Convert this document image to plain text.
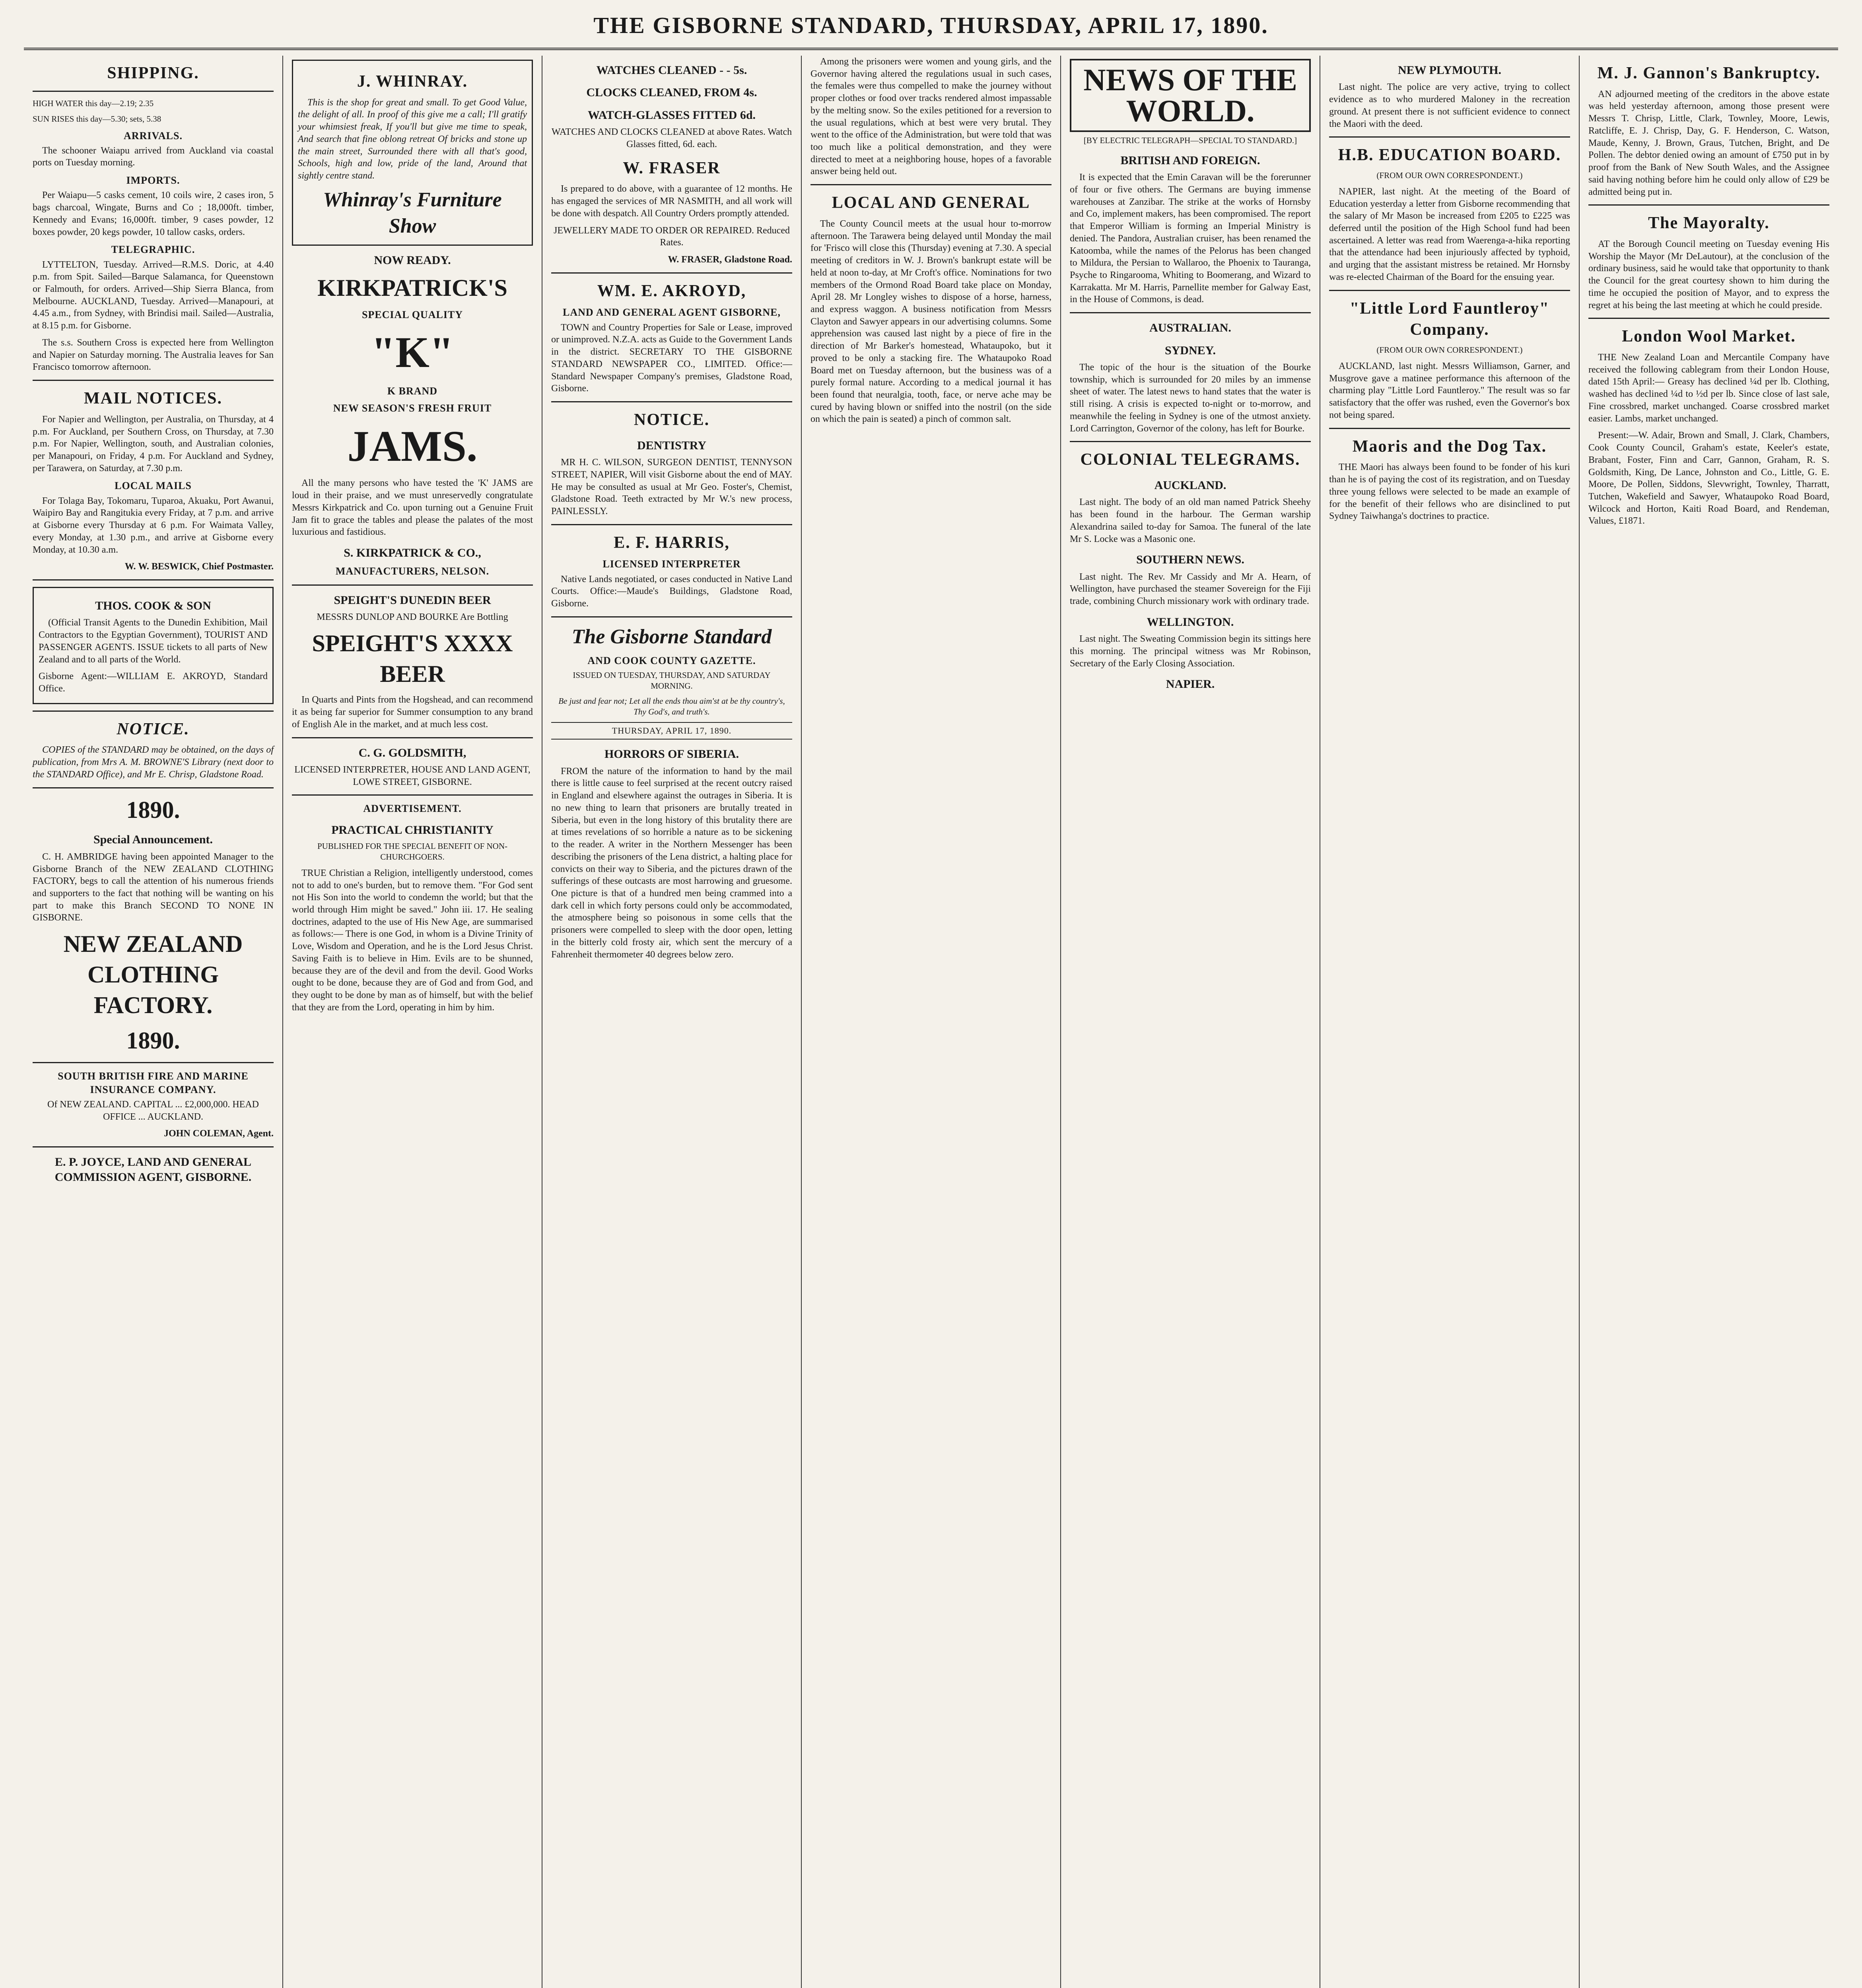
THE GISBORNE STANDARD, THURSDAY, APRIL 17, 1890.
SHIPPING.

HIGH WATER this day—2.19; 2.35

SUN RISES this day—5.30; sets, 5.38

ARRIVALS.

The schooner Waiapu arrived from Auckland via coastal ports on Tuesday morning.

IMPORTS.

Per Waiapu—5 casks cement, 10 coils wire, 2 cases iron, 5 bags charcoal, Wingate, Burns and Co ; 18,000ft. timber, Kennedy and Evans; 16,000ft. timber, 9 cases powder, 12 boxes powder, 20 kegs powder, 10 tallow casks, orders.

TELEGRAPHIC.

LYTTELTON, Tuesday. Arrived—R.M.S. Doric, at 4.40 p.m. from Spit. Sailed—Barque Salamanca, for Queenstown or Falmouth, for orders. Arrived—Ship Sierra Blanca, from Melbourne. AUCKLAND, Tuesday. Arrived—Manapouri, at 4.45 a.m., from Sydney, with Brindisi mail. Sailed—Australia, at 8.15 p.m. for Gisborne.

The s.s. Southern Cross is expected here from Wellington and Napier on Saturday morning. The Australia leaves for San Francisco tomorrow afternoon.

MAIL NOTICES.

For Napier and Wellington, per Australia, on Thursday, at 4 p.m. For Auckland, per Southern Cross, on Thursday, at 7.30 p.m. For Napier, Wellington, south, and Australian colonies, per Manapouri, on Friday, 4 p.m. For Auckland and Sydney, per Tarawera, on Saturday, at 7.30 p.m.

LOCAL MAILS

For Tolaga Bay, Tokomaru, Tuparoa, Akuaku, Port Awanui, Waipiro Bay and Rangitukia every Friday, at 7 p.m. and arrive at Gisborne every Thursday at 6 p.m. For Waimata Valley, every Monday, at 1.30 p.m., and arrive at Gisborne every Monday, at 10.30 a.m.

W. W. BESWICK, Chief Postmaster.

THOS. COOK & SON

(Official Transit Agents to the Dunedin Exhibition, Mail Contractors to the Egyptian Government), TOURIST AND PASSENGER AGENTS. ISSUE tickets to all parts of New Zealand and to all parts of the World.

Gisborne Agent:—WILLIAM E. AKROYD, Standard Office.

NOTICE.

COPIES of the STANDARD may be obtained, on the days of publication, from Mrs A. M. BROWNE'S Library (next door to the STANDARD Office), and Mr E. Chrisp, Gladstone Road.

1890.
Special Announcement.

C. H. AMBRIDGE having been appointed Manager to the Gisborne Branch of the NEW ZEALAND CLOTHING FACTORY, begs to call the attention of his numerous friends and supporters to the fact that nothing will be wanting on his part to make this Branch SECOND TO NONE IN GISBORNE.

NEW ZEALAND CLOTHING FACTORY.
1890.
SOUTH BRITISH FIRE AND MARINE INSURANCE COMPANY.

Of NEW ZEALAND. CAPITAL ... £2,000,000. HEAD OFFICE ... AUCKLAND.

JOHN COLEMAN, Agent.

E. P. JOYCE, LAND AND GENERAL COMMISSION AGENT, GISBORNE.
J. WHINRAY.

This is the shop for great and small. To get Good Value, the delight of all. In proof of this give me a call; I'll gratify your whimsiest freak, If you'll but give me time to speak, And search that fine oblong retreat Of bricks and stone up the main street, Surrounded there with all that's good, Schools, high and low, pride of the land, Around that sightly centre stand.

Whinray's Furniture Show
NOW READY.
KIRKPATRICK'S
SPECIAL QUALITY
"K"
K BRAND
NEW SEASON'S FRESH FRUIT
JAMS.

All the many persons who have tested the 'K' JAMS are loud in their praise, and we must unreservedly congratulate Messrs Kirkpatrick and Co. upon turning out a Genuine Fruit Jam fit to grace the tables and please the palates of the most luxurious and fastidious.

S. KIRKPATRICK & CO.,
MANUFACTURERS, NELSON.
SPEIGHT'S DUNEDIN BEER

MESSRS DUNLOP AND BOURKE Are Bottling

SPEIGHT'S XXXX BEER

In Quarts and Pints from the Hogshead, and can recommend it as being far superior for Summer consumption to any brand of English Ale in the market, and at much less cost.

C. G. GOLDSMITH,

LICENSED INTERPRETER, HOUSE AND LAND AGENT, LOWE STREET, GISBORNE.

ADVERTISEMENT.
PRACTICAL CHRISTIANITY

PUBLISHED FOR THE SPECIAL BENEFIT OF NON-CHURCHGOERS.

TRUE Christian a Religion, intelligently understood, comes not to add to one's burden, but to remove them. "For God sent not His Son into the world to condemn the world; but that the world through Him might be saved." John iii. 17. He sealing doctrines, adapted to the use of His New Age, are summarised as follows:— There is one God, in whom is a Divine Trinity of Love, Wisdom and Operation, and he is the Lord Jesus Christ. Saving Faith is to believe in Him. Evils are to be shunned, because they are of the devil and from the devil. Good Works ought to be done, because they are of God and from God, and they ought to be done by man as of himself, but with the belief that they are from the Lord, operating in him by him.

WATCHES CLEANED - - 5s.
CLOCKS CLEANED, FROM 4s.
WATCH-GLASSES FITTED 6d.

WATCHES AND CLOCKS CLEANED at above Rates. Watch Glasses fitted, 6d. each.

W. FRASER

Is prepared to do above, with a guarantee of 12 months. He has engaged the services of MR NASMITH, and all work will be done with despatch. All Country Orders promptly attended.

JEWELLERY MADE TO ORDER OR REPAIRED. Reduced Rates.

W. FRASER, Gladstone Road.

WM. E. AKROYD,
LAND AND GENERAL AGENT GISBORNE,

TOWN and Country Properties for Sale or Lease, improved or unimproved. N.Z.A. acts as Guide to the Government Lands in the district. SECRETARY TO THE GISBORNE STANDARD NEWSPAPER CO., LIMITED. Office:—Standard Newspaper Company's premises, Gladstone Road, Gisborne.

NOTICE.
DENTISTRY

MR H. C. WILSON, SURGEON DENTIST, TENNYSON STREET, NAPIER, Will visit Gisborne about the end of MAY. He may be consulted as usual at Mr Geo. Foster's, Chemist, Gladstone Road. Teeth extracted by Mr W.'s new process, PAINLESSLY.

E. F. HARRIS,
LICENSED INTERPRETER

Native Lands negotiated, or cases conducted in Native Land Courts. Office:—Maude's Buildings, Gladstone Road, Gisborne.

The Gisborne Standard
AND COOK COUNTY GAZETTE.

ISSUED ON TUESDAY, THURSDAY, AND SATURDAY MORNING.

Be just and fear not; Let all the ends thou aim'st at be thy country's, Thy God's, and truth's.

THURSDAY, APRIL 17, 1890.
HORRORS OF SIBERIA.

FROM the nature of the information to hand by the mail there is little cause to feel surprised at the recent outcry raised in England and elsewhere against the outrages in Siberia. It is no new thing to learn that prisoners are brutally treated in Siberia, but even in the long history of this brutality there are at times revelations of so horrible a nature as to be sickening to the reader. A writer in the Northern Messenger has been describing the prisoners of the Lena district, a halting place for convicts on their way to Siberia, and the pictures drawn of the sufferings of these outcasts are most harrowing and gruesome. One picture is that of a hundred men being crammed into a dark cell in which forty persons could only be accommodated, the atmosphere being so poisonous in some cells that the prisoners were compelled to sleep with the door open, letting in the bitterly cold frosty air, which sent the mercury of a Fahrenheit thermometer 40 degrees below zero.

Among the prisoners were women and young girls, and the Governor having altered the regulations usual in such cases, the females were thus compelled to make the journey without proper clothes or food over tracks rendered almost impassable by the melting snow. So the exiles petitioned for a reversion to the usual regulations, which at best were very brutal. They went to the office of the Administration, but were told that was too much like a political demonstration, and they were directed to meet at a neighboring house, hopes of a favorable answer being held out.

LOCAL AND GENERAL

The County Council meets at the usual hour to-morrow afternoon. The Tarawera being delayed until Monday the mail for 'Frisco will close this (Thursday) evening at 7.30. A special meeting of creditors in W. J. Brown's bankrupt estate will be held at noon to-day, at Mr Croft's office. Nominations for two members of the Ormond Road Board take place on Monday, April 28. Mr Longley wishes to dispose of a horse, harness, and express waggon. A business notification from Messrs Clayton and Sawyer appears in our advertising columns. Some apprehension was caused last night by a piece of fire in the direction of Mr Barker's homestead, Whataupoko, but it proved to be only a stacking fire. The Whataupoko Road Board met on Tuesday afternoon, but the business was of a purely formal nature. According to a medical journal it has been found that neuralgia, tooth, face, or nerve ache may be cured by having blown or sniffed into the nostril (on the side on which the pain is seated) a pinch of common salt.

NEWS OF THE WORLD.

[BY ELECTRIC TELEGRAPH—SPECIAL TO STANDARD.]

BRITISH AND FOREIGN.

It is expected that the Emin Caravan will be the forerunner of four or five others. The Germans are buying immense warehouses at Zanzibar. The strike at the works of Hornsby and Co, implement makers, has been compromised. The report that Emperor William is forming an Imperial Ministry is denied. The Pandora, Australian cruiser, has been renamed the Katoomba, while the names of the Pelorus has been changed to Mildura, the Persian to Wallaroo, the Phoenix to Tauranga, Psyche to Ringarooma, Whiting to Boomerang, and Wizard to Karrakatta. Mr M. Harris, Parnellite member for Galway East, in the House of Commons, is dead.

AUSTRALIAN.
SYDNEY.

The topic of the hour is the situation of the Bourke township, which is surrounded for 20 miles by an immense sheet of water. The latest news to hand states that the water is still rising. A crisis is expected to-night or to-morrow, and meanwhile the feeling in Sydney is one of the utmost anxiety. Lord Carrington, Governor of the colony, has left for Bourke.

COLONIAL TELEGRAMS.
AUCKLAND.

Last night. The body of an old man named Patrick Sheehy has been found in the harbour. The German warship Alexandrina sailed to-day for Samoa. The funeral of the late Mr S. Locke was a Masonic one.

SOUTHERN NEWS.

Last night. The Rev. Mr Cassidy and Mr A. Hearn, of Wellington, have purchased the steamer Sovereign for the Fiji trade, combining Church missionary work with ordinary trade.

WELLINGTON.

Last night. The Sweating Commission begin its sittings here this morning. The principal witness was Mr Robinson, Secretary of the Early Closing Association.

NAPIER.
NEW PLYMOUTH.

Last night. The police are very active, trying to collect evidence as to who murdered Maloney in the recreation ground. At present there is not sufficient evidence to connect the Maori with the deed.

H.B. EDUCATION BOARD.

(FROM OUR OWN CORRESPONDENT.)

NAPIER, last night. At the meeting of the Board of Education yesterday a letter from Gisborne recommending that the salary of Mr Mason be increased from £205 to £225 was deferred until the position of the High School fund had been ascertained. A letter was read from Waerenga-a-hika reporting that the attendance had been injuriously affected by typhoid, and urging that the assistant mistress be retained. Mr Hornsby was re-elected Chairman of the Board for the ensuing year.

"Little Lord Fauntleroy" Company.

(FROM OUR OWN CORRESPONDENT.)

AUCKLAND, last night. Messrs Williamson, Garner, and Musgrove gave a matinee performance this afternoon of the charming play "Little Lord Fauntleroy." The result was so far satisfactory that the offer was rushed, even the Governor's box not being spared.

Maoris and the Dog Tax.

THE Maori has always been found to be fonder of his kuri than he is of paying the cost of its registration, and on Tuesday three young fellows were selected to be made an example of for the benefit of their fellows who are disinclined to put Sydney Taiwhanga's doctrines to practice.

M. J. Gannon's Bankruptcy.

AN adjourned meeting of the creditors in the above estate was held yesterday afternoon, among those present were Messrs T. Chrisp, Little, Clark, Townley, Moore, Lewis, Ratcliffe, E. J. Chrisp, Day, G. F. Henderson, C. Watson, Maude, Kenny, J. Brown, Graus, Tutchen, Bright, and De Pollen. The debtor denied owing an amount of £750 put in by proof from the Bank of New South Wales, and the Assignee said having nothing before him he could only allow of £29 be admitted being put in.

The Mayoralty.

AT the Borough Council meeting on Tuesday evening His Worship the Mayor (Mr DeLautour), at the conclusion of the ordinary business, said he would take that opportunity to thank the Council for the great courtesy shown to him during the time he occupied the position of Mayor, and to express the regret at his being the last meeting at which he could preside.

London Wool Market.

THE New Zealand Loan and Mercantile Company have received the following cablegram from their London House, dated 15th April:— Greasy has declined ¼d per lb. Clothing, washed has declined ¼d to ½d per lb. Since close of last sale, Fine crossbred, market unchanged. Coarse crossbred market easier. Lambs, market unchanged.

Present:—W. Adair, Brown and Small, J. Clark, Chambers, Cook County Council, Graham's estate, Keeler's estate, Brabant, Foster, Finn and Carr, Gannon, Graham, R. S. Goldsmith, King, De Lance, Johnston and Co., Little, G. E. Moore, De Pollen, Siddons, Slevwright, Townley, Tharratt, Tutchen, Wakefield and Sawyer, Whataupoko Road Board, Wilcock and Horton, Kaiti Road Board, and Rendeman, Values, £1871.
